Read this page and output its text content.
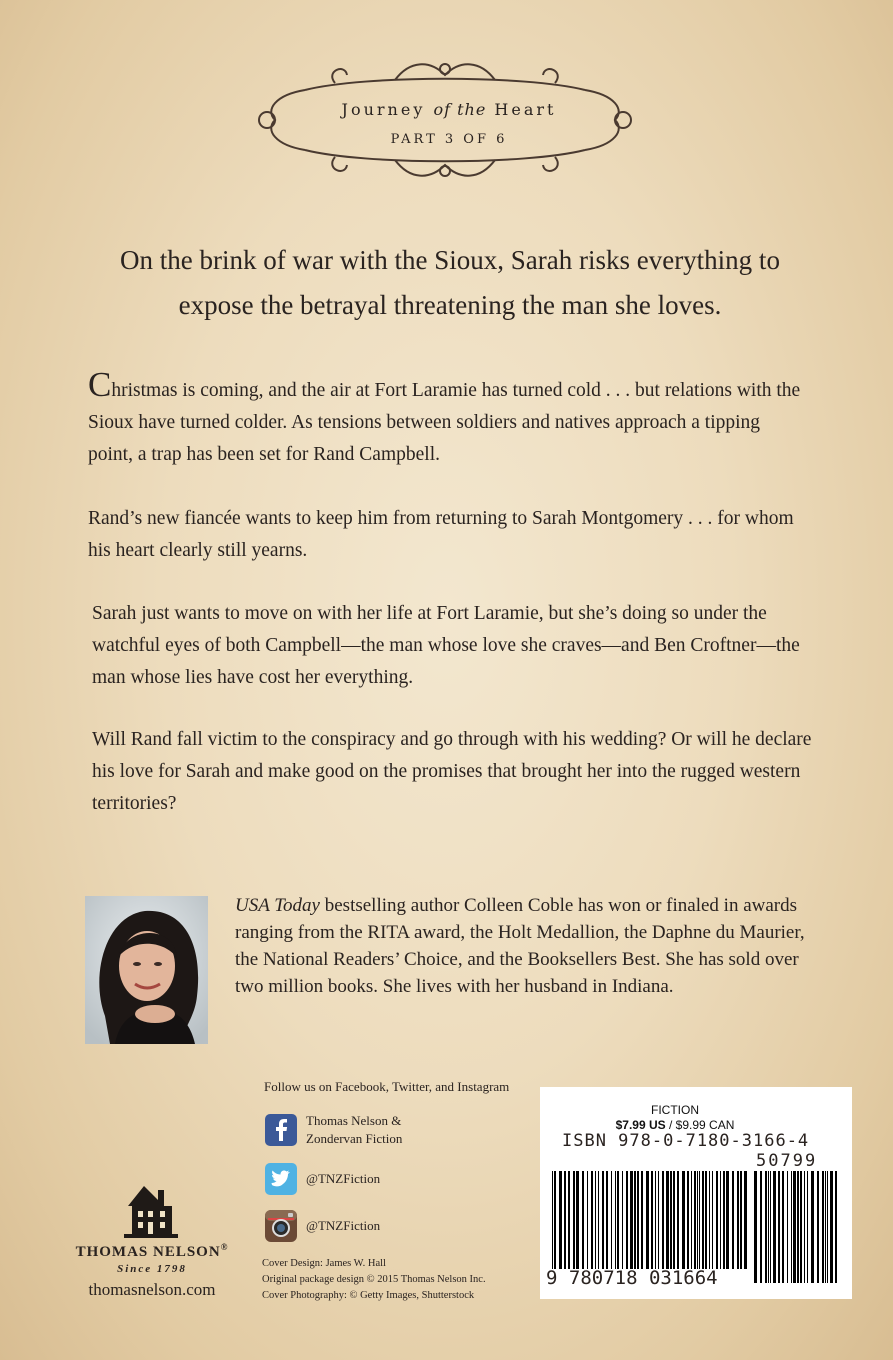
Journey of the Heart
PART 3 OF 6
On the brink of war with the Sioux, Sarah risks everything to
expose the betrayal threatening the man she loves.

Christmas is coming, and the air at Fort Laramie has turned cold . . . but relations with the Sioux have turned colder. As tensions between soldiers and natives approach a tipping point, a trap has been set for Rand Campbell.

Rand’s new fiancée wants to keep him from returning to Sarah Montgomery . . . for whom his heart clearly still yearns.

Sarah just wants to move on with her life at Fort Laramie, but she’s doing so under the watchful eyes of both Campbell—the man whose love she craves—and Ben Croftner—the man whose lies have cost her everything.

Will Rand fall victim to the conspiracy and go through with his wedding? Or will he declare his love for Sarah and make good on the promises that brought her into the rugged western territories?

USA Today bestselling author Colleen Coble has won or finaled in awards ranging from the RITA award, the Holt Medallion, the Daphne du Maurier, the National Readers’ Choice, and the Booksellers Best. She has sold over two million books. She lives with her husband in Indiana.
Follow us on Facebook, Twitter, and Instagram
Thomas Nelson &
Zondervan Fiction
@TNZFiction
@TNZFiction
Cover Design: James W. Hall
Original package design © 2015 Thomas Nelson Inc.
Cover Photography: © Getty Images, Shutterstock
THOMAS NELSON®
Since 1798
thomasnelson.com
FICTION
$7.99 US / $9.99 CAN
ISBN 978-0-7180-3166-4
50799
9 780718 031664
